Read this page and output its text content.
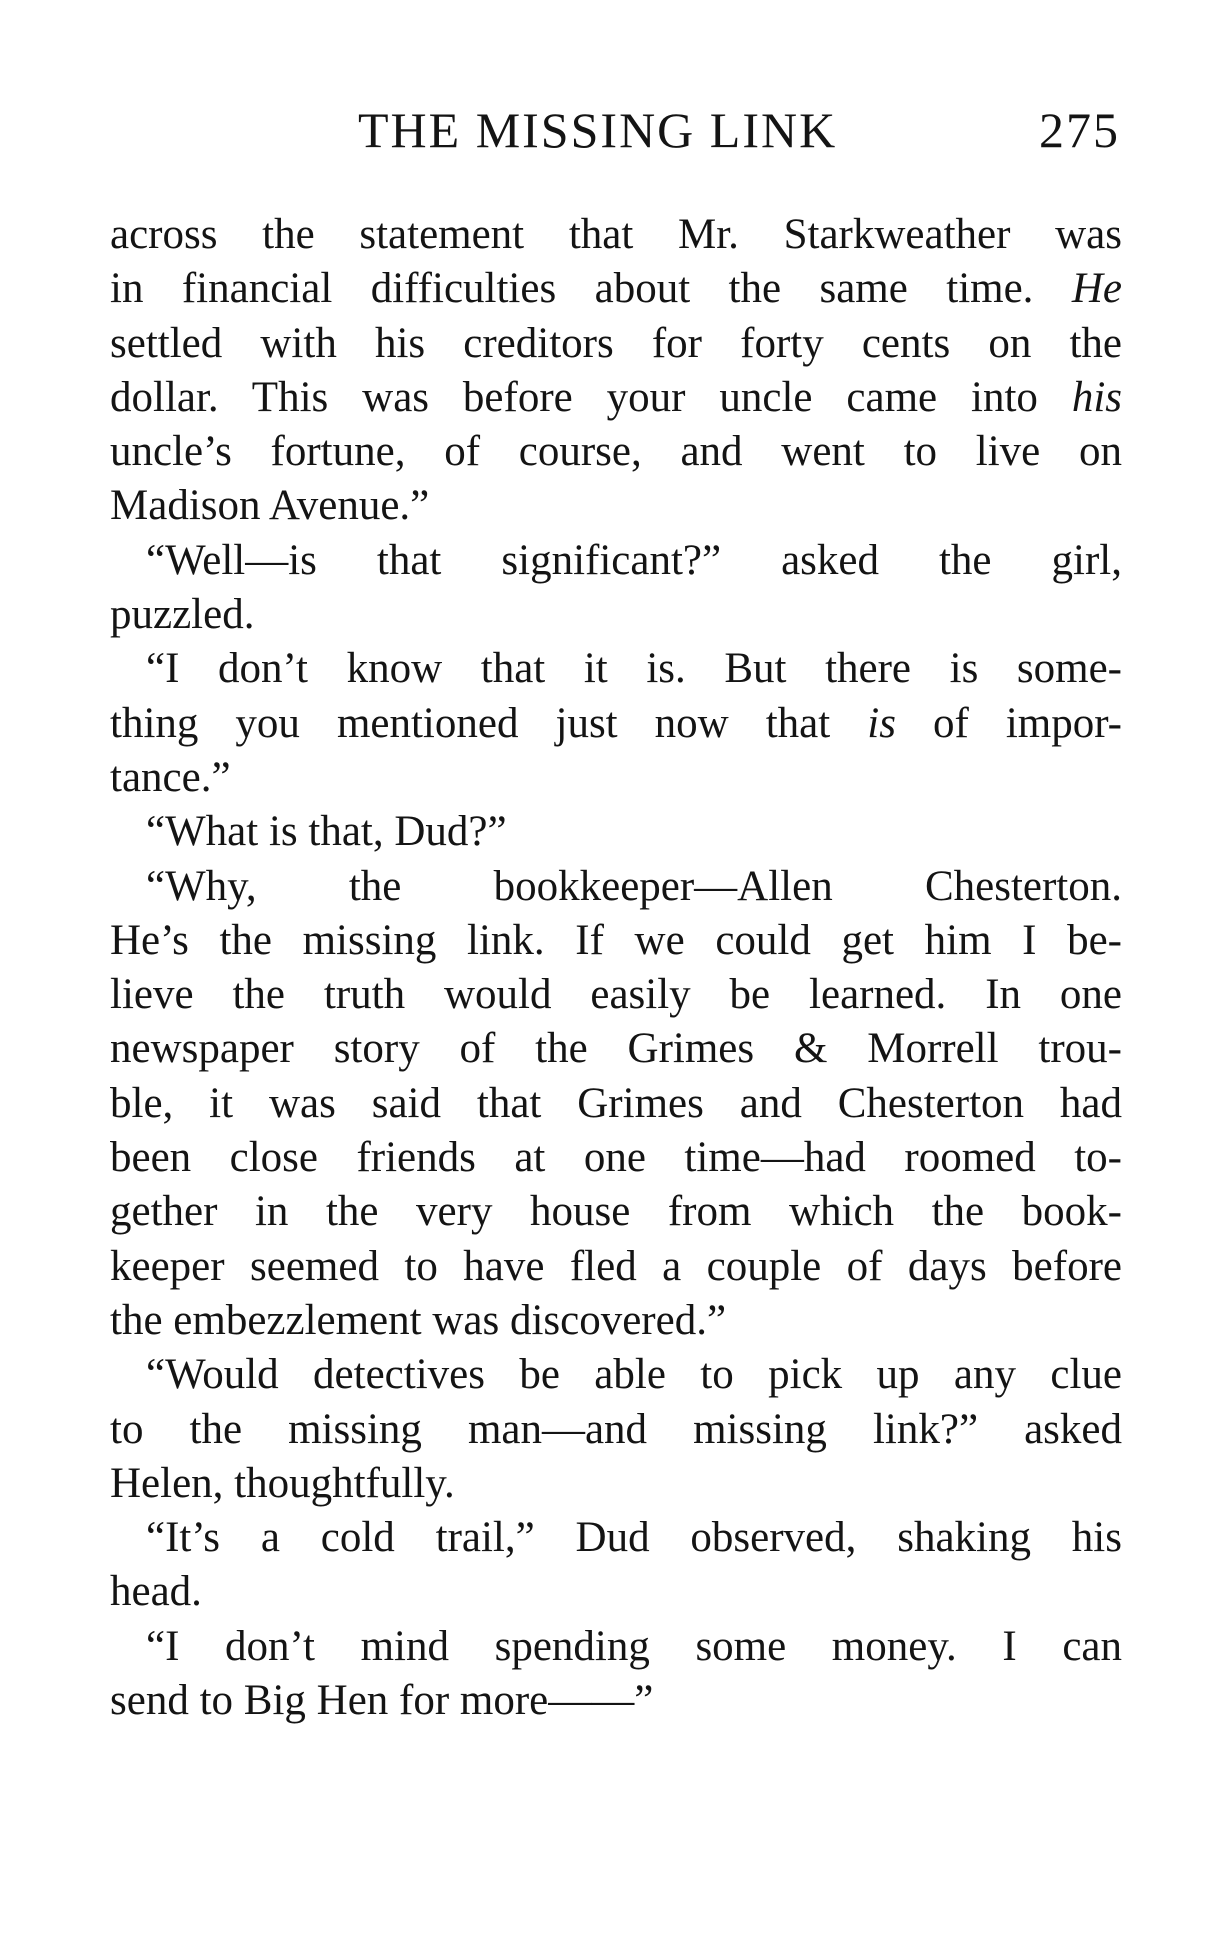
THE MISSING LINK	275
across the statement that Mr. Starkweather was
in financial difficulties about the same time. He
settled with his creditors for forty cents on the
dollar. This was before your uncle came into his
uncle’s fortune, of course, and went to live on
Madison Avenue.”
“Well—is that significant?” asked the girl,
puzzled.
“I don’t know that it is. But there is some-
thing you mentioned just now that is of impor-
tance.”
“What is that, Dud?”
“Why, the bookkeeper—Allen Chesterton.
He’s the missing link. If we could get him I be-
lieve the truth would easily be learned. In one
newspaper story of the Grimes & Morrell trou-
ble, it was said that Grimes and Chesterton had
been close friends at one time—had roomed to-
gether in the very house from which the book-
keeper seemed to have fled a couple of days before
the embezzlement was discovered.”
“Would detectives be able to pick up any clue
to the missing man—and missing link?” asked
Helen, thoughtfully.
“It’s a cold trail,” Dud observed, shaking his
head.
“I don’t mind spending some money. I can
send to Big Hen for more——”
